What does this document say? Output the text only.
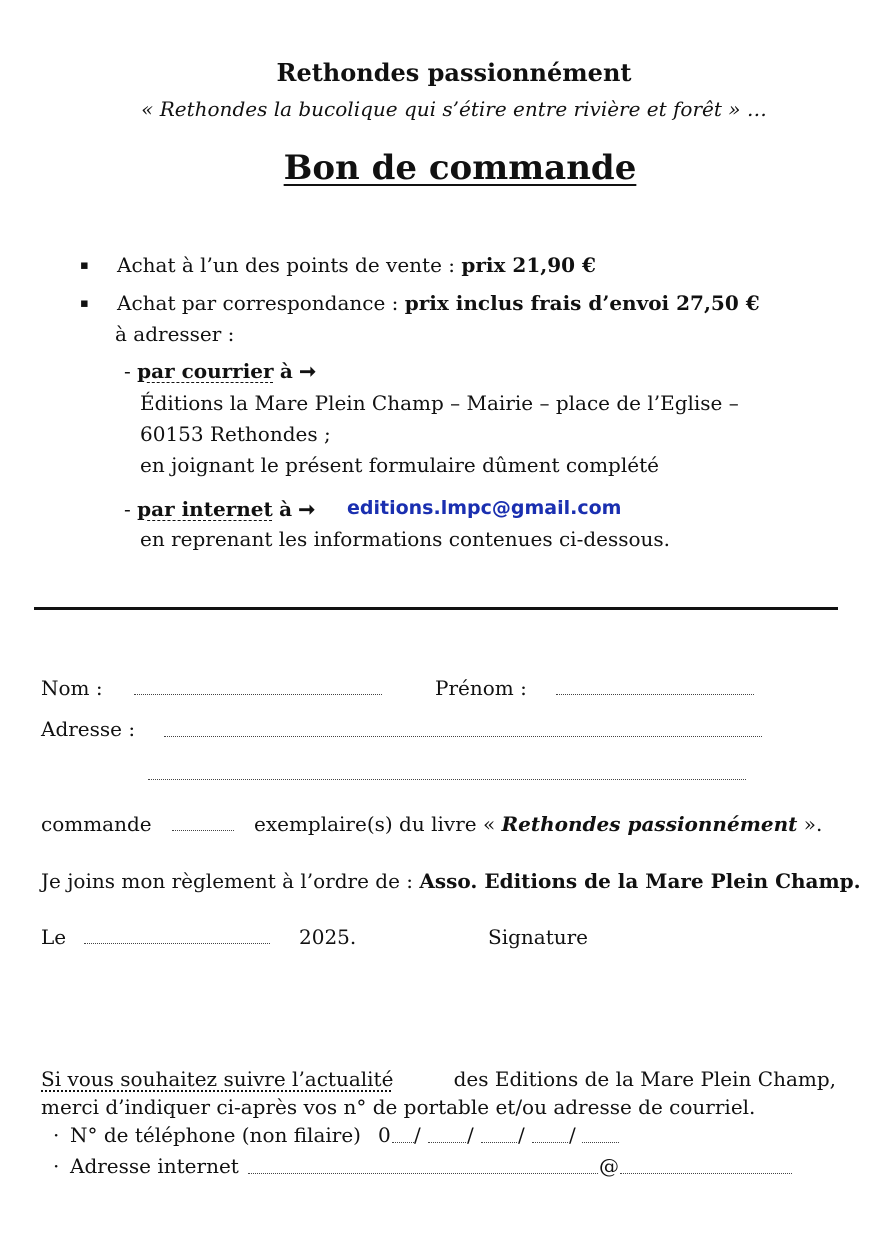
Rethondes passionnément
« Rethondes la bucolique qui s’étire entre rivière et forêt » …
Bon de commande
▪ Achat à l’un des points de vente : prix 21,90 €
▪ Achat par correspondance : prix inclus frais d’envoi 27,50 €
à adresser :
- par courrier à ➞
Éditions la Mare Plein Champ – Mairie – place de l’Eglise –
60153 Rethondes ;
en joignant le présent formulaire dûment complété
- par internet à ➞ editions.lmpc@gmail.com
en reprenant les informations contenues ci-dessous.
Nom :	Prénom :
Adresse :
commande	exemplaire(s) du livre « Rethondes passionnément ».
Je joins mon règlement à l’ordre de : Asso. Editions de la Mare Plein Champ.
Le	2025.	Signature
Si vous souhaitez suivre l’actualité	des Editions de la Mare Plein Champ,
merci d’indiquer ci-après vos n° de portable et/ou adresse de courriel.
· N° de téléphone (non filaire) 0 / / / /
· Adresse internet	@
